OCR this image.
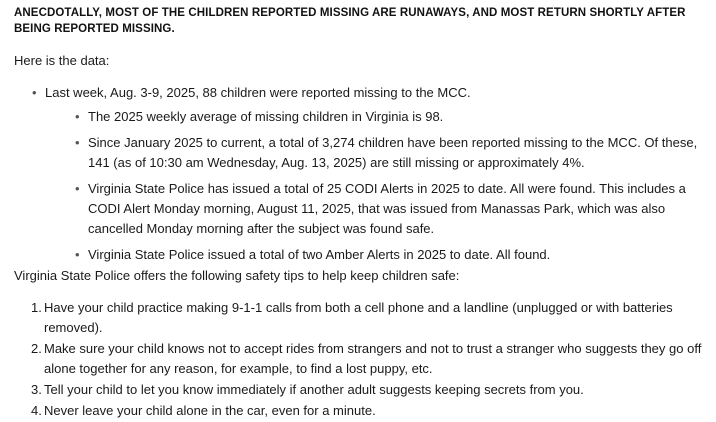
ANECDOTALLY, MOST OF THE CHILDREN REPORTED MISSING ARE RUNAWAYS, AND MOST RETURN SHORTLY AFTER BEING REPORTED MISSING.
Here is the data:
• Last week, Aug. 3-9, 2025, 88 children were reported missing to the MCC.
• The 2025 weekly average of missing children in Virginia is 98.
• Since January 2025 to current, a total of 3,274 children have been reported missing to the MCC. Of these, 141 (as of 10:30 am Wednesday, Aug. 13, 2025) are still missing or approximately 4%.
• Virginia State Police has issued a total of 25 CODI Alerts in 2025 to date. All were found. This includes a CODI Alert Monday morning, August 11, 2025, that was issued from Manassas Park, which was also cancelled Monday morning after the subject was found safe.
• Virginia State Police issued a total of two Amber Alerts in 2025 to date. All found.
Virginia State Police offers the following safety tips to help keep children safe:
1. Have your child practice making 9-1-1 calls from both a cell phone and a landline (unplugged or with batteries removed).
2. Make sure your child knows not to accept rides from strangers and not to trust a stranger who suggests they go off alone together for any reason, for example, to find a lost puppy, etc.
3. Tell your child to let you know immediately if another adult suggests keeping secrets from you.
4. Never leave your child alone in the car, even for a minute.
